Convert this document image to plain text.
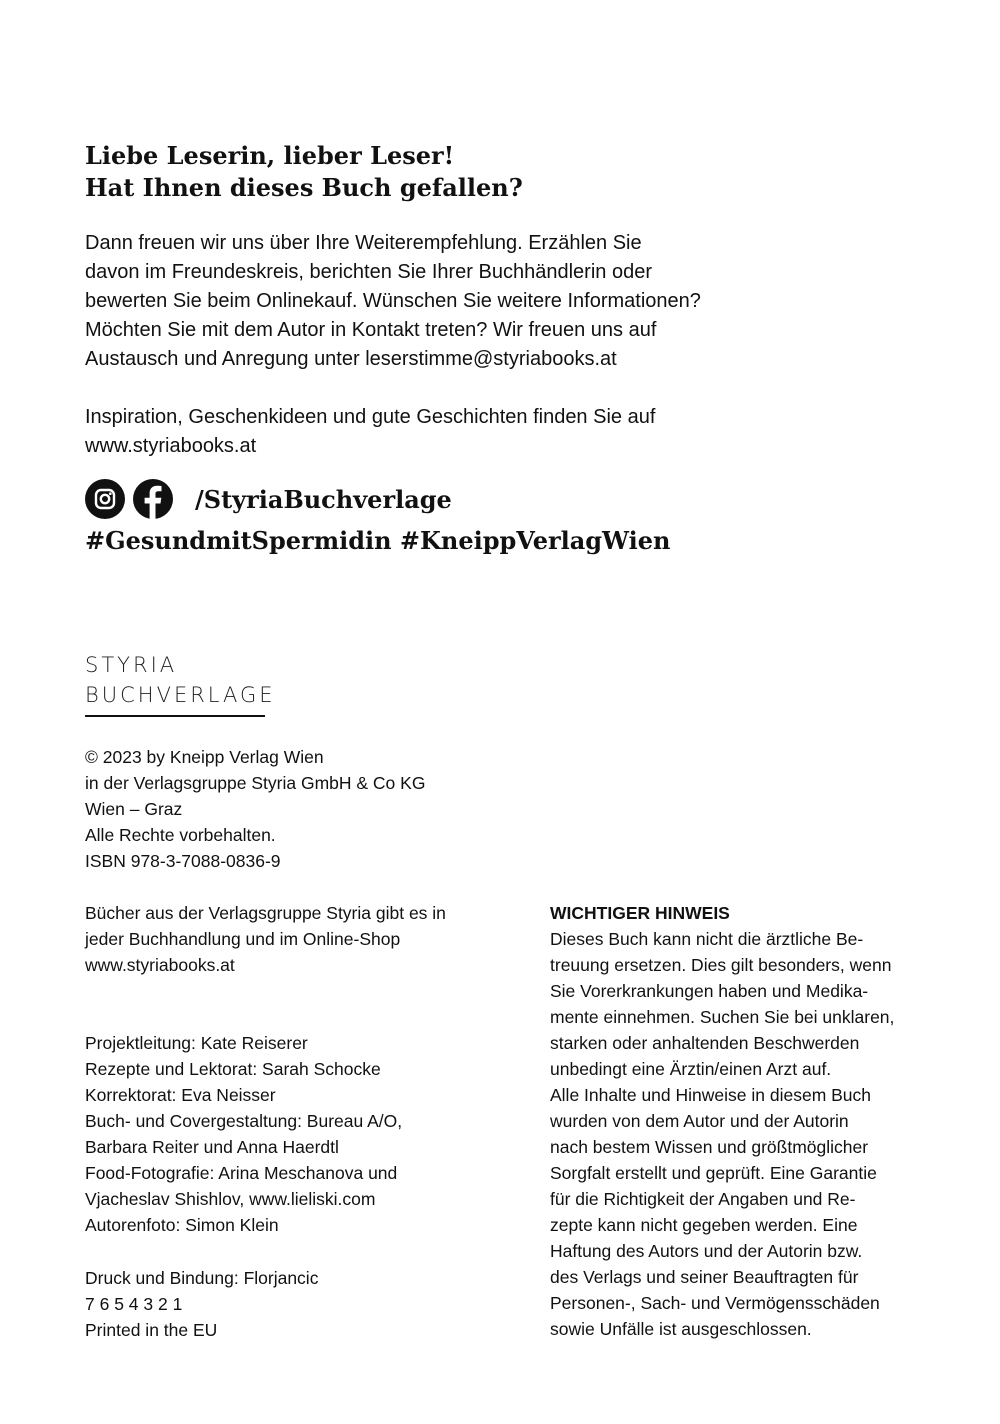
Liebe Leserin, lieber Leser!
Hat Ihnen dieses Buch gefallen?
Dann freuen wir uns über Ihre Weiterempfehlung. Erzählen Sie
davon im Freundeskreis, berichten Sie Ihrer Buchhändlerin oder
bewerten Sie beim Onlinekauf. Wünschen Sie weitere Informationen?
Möchten Sie mit dem Autor in Kontakt treten? Wir freuen uns auf
Austausch und Anregung unter leserstimme@styriabooks.at
Inspiration, Geschenkideen und gute Geschichten finden Sie auf
www.styriabooks.at
/StyriaBuchverlage
#GesundmitSpermidin #KneippVerlagWien
STYRIA
BUCHVERLAGE
© 2023 by Kneipp Verlag Wien
in der Verlagsgruppe Styria GmbH & Co KG
Wien – Graz
Alle Rechte vorbehalten.
ISBN 978-3-7088-0836-9
Bücher aus der Verlagsgruppe Styria gibt es in
jeder Buchhandlung und im Online-Shop
www.styriabooks.at
Projektleitung: Kate Reiserer
Rezepte und Lektorat: Sarah Schocke
Korrektorat: Eva Neisser
Buch- und Covergestaltung: Bureau A/O,
Barbara Reiter und Anna Haerdtl
Food-Fotografie: Arina Meschanova und
Vjacheslav Shishlov, www.lieliski.com
Autorenfoto: Simon Klein
Druck und Bindung: Florjancic
7 6 5 4 3 2 1
Printed in the EU
WICHTIGER HINWEIS
Dieses Buch kann nicht die ärztliche Be-
treuung ersetzen. Dies gilt besonders, wenn
Sie Vorerkrankungen haben und Medika-
mente einnehmen. Suchen Sie bei unklaren,
starken oder anhaltenden Beschwerden
unbedingt eine Ärztin/einen Arzt auf.
Alle Inhalte und Hinweise in diesem Buch
wurden von dem Autor und der Autorin
nach bestem Wissen und größtmöglicher
Sorgfalt erstellt und geprüft. Eine Garantie
für die Richtigkeit der Angaben und Re-
zepte kann nicht gegeben werden. Eine
Haftung des Autors und der Autorin bzw.
des Verlags und seiner Beauftragten für
Personen-, Sach- und Vermögensschäden
sowie Unfälle ist ausgeschlossen.
